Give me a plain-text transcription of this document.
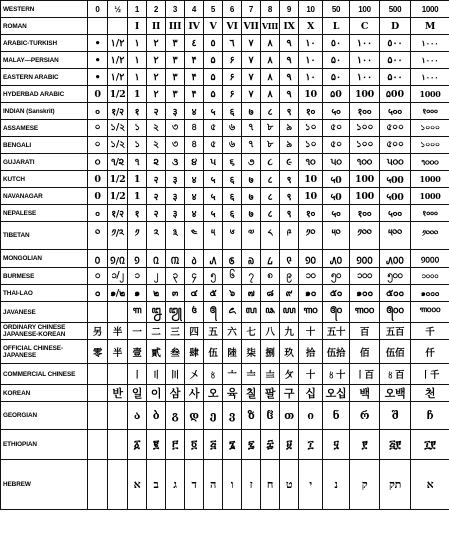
WESTERN	0	½	1	2	3	4	5	6	7	8	9	10	50	100	500	1000
ROMAN			I	II	III	IV	V	VI	VII	VIII	IX	X	L	C	D	M
ARABIC-TURKISH	•	١/٢	١	٢	٣	٤	٥	٦	٧	٨	٩	١٠	٥٠	١٠٠	٥٠٠	١٠٠٠
MALAY—PERSIAN	•	١/٢	١	٢	٣	۴	۵	۶	٧	٨	٩	١٠	۵٠	١٠٠	۵٠٠	١٠٠٠
EASTERN ARABIC	•	١/٢	١	٢	٣	۴	۵	۶	٧	٨	٩	١٠	۵٠	١٠٠	۵٠٠	١٠٠٠
HYDERBAD ARABIC	0	1/2	1	٢	٣	۴	۵	۶	٧	٨	٩	10	۵0	100	۵00	1000
INDIAN (Sanskrit)	०	१/२	१	२	३	४	५	६	७	८	९	१०	५०	१००	५००	१०००
ASSAMESE	০	১/২	১	২	৩	৪	৫	৬	৭	৮	৯	১০	৫০	১০০	৫০০	১০০০
BENGALI	০	১/২	১	২	৩	৪	৫	৬	৭	৮	৯	১০	৫০	১০০	৫০০	১০০০
GUJARATI	૦	૧/૨	૧	૨	૩	૪	૫	૬	૭	૮	૯	૧૦	૫૦	૧૦૦	૫૦૦	૧૦૦૦
KUTCH	0	1/2	1	२	३	४	५	६	७	८	९	10	५0	100	५00	1000
NAVANAGAR	0	1/2	1	२	३	४	५	६	७	८	९	10	५0	100	५00	1000
NEPALESE	०	१/२	१	२	३	४	५	६	७	८	९	१०	५०	१००	५००	१०००
TIBETAN	༠	༡/༢	༡	༢	༣	༤	༥	༦	༧	༨	༩	༡༠	༥༠	༡༠༠	༥༠༠	༡༠༠༠
MONGOLIAN	᠐	᠑/᠒	᠑	᠒	᠓	᠔	᠕	᠖	᠗	᠘	᠙	᠑᠐	᠕᠐	᠑᠐᠐	᠕᠐᠐	᠑᠐᠐᠐
BURMESE	၀	၁/၂	၁	၂	၃	၄	၅	၆	၇	၈	၉	၁၀	၅၀	၁၀၀	၅၀၀	၁၀၀၀
THAI-LAO	๐	๑/๒	๑	๒	๓	๔	๕	๖	๗	๘	๙	๑๐	๕๐	๑๐๐	๕๐๐	๑๐๐๐
JAVANESE			꧑	꧒	꧓	꧔	꧕	꧖	꧗	꧘	꧙	꧑꧐	꧕꧐	꧑꧐꧐	꧕꧐꧐	꧑꧐꧐꧐
ORDINARY CHINESE JAPANESE-KOREAN	另	半	一	二	三	四	五	六	七	八	九	十	五十	百	五百	千
OFFICIAL CHINESE-JAPANESE	零	半	壹	貳	叁	肆	伍	陸	柒	捌	玖	拾	伍拾	佰	伍佰	仟
COMMERCIAL CHINESE			〡	〢	〣	〤	〥	〦	〧	〨	〩	十	〥十	〡百	〥百	〡千
KOREAN		반	일	이	삼	사	오	육	칠	팔	구	십	오십	백	오백	천
GEORGIAN			ა	ბ	გ	დ	ე	ვ	ზ	ჱ	თ	ი	ნ	რ	შ	ჩ
ETHIOPIAN			፩	፪	፫	፬	፭	፮	፯	፰	፱	፲	፶	፻	፭፻	፲፻
HEBREW			א	ב	ג	ד	ה	ו	ז	ח	ט	י	נ	ק	תק	א
